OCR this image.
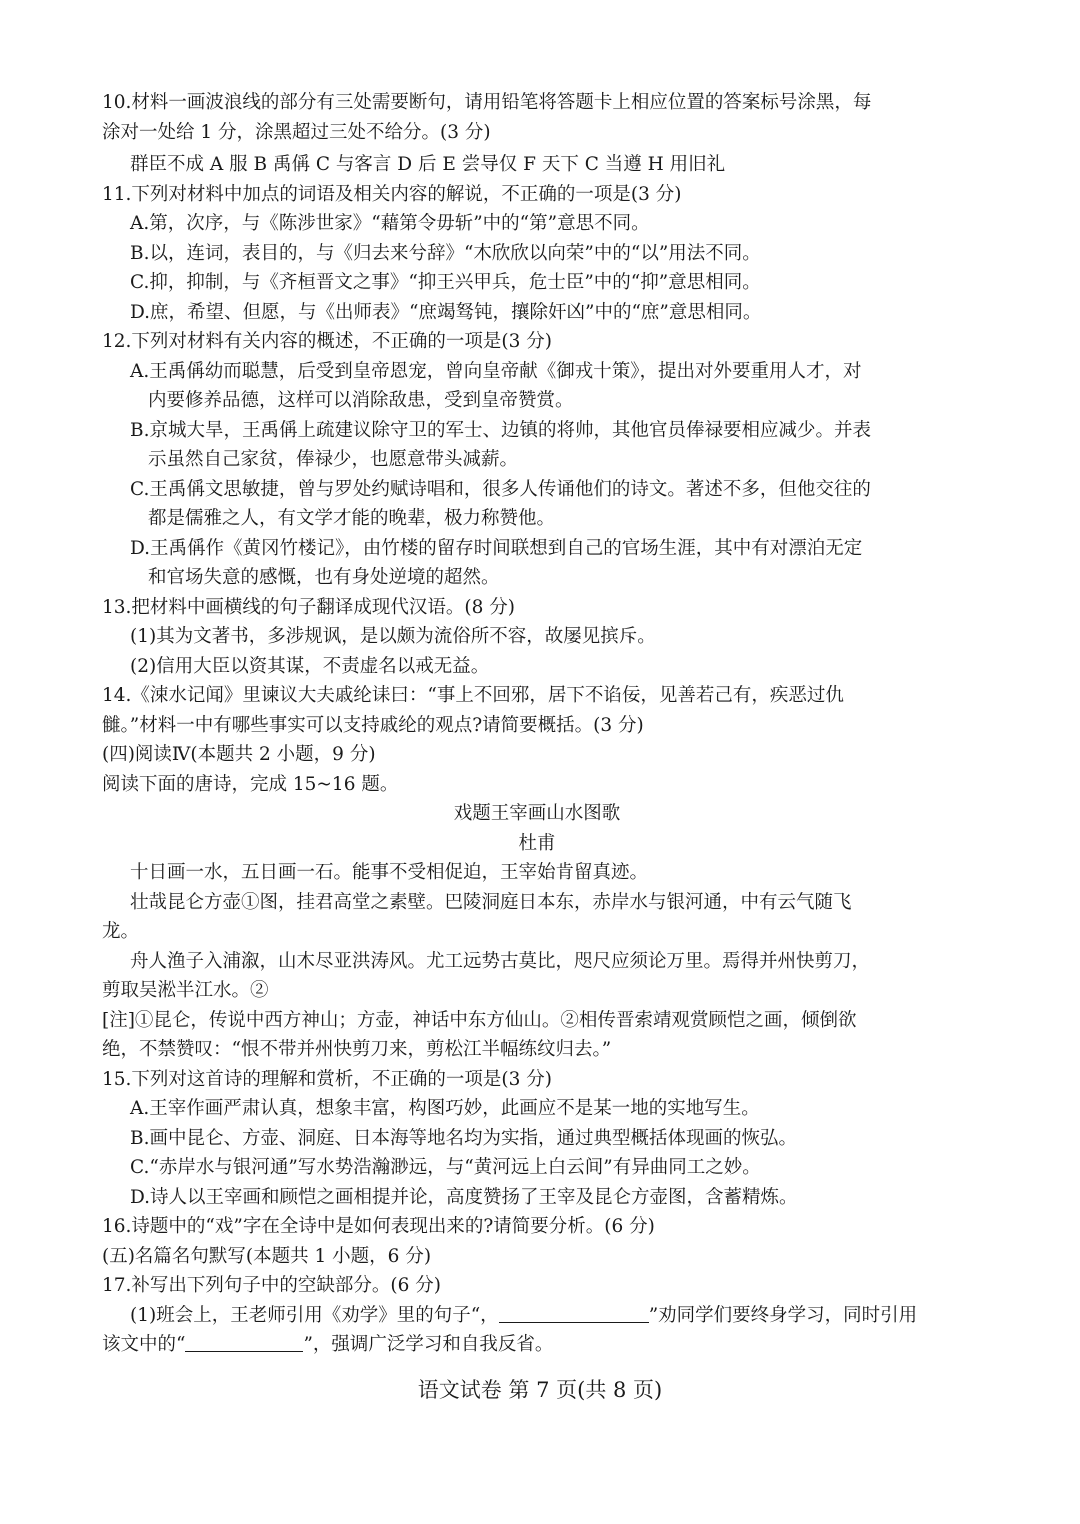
10.材料一画波浪线的部分有三处需要断句，请用铅笔将答题卡上相应位置的答案标号涂黑，每
涂对一处给 1 分，涂黑超过三处不给分。(3 分)
群臣不成 A 服 B 禹偁 C 与客言 D 后 E 尝导仅 F 天下 C 当遵 H 用旧礼
11.下列对材料中加点的词语及相关内容的解说，不正确的一项是(3 分)
A.第，次序，与《陈涉世家》“藉第令毋斩”中的“第”意思不同。
B.以，连词，表目的，与《归去来兮辞》“木欣欣以向荣”中的“以”用法不同。
C.抑，抑制，与《齐桓晋文之事》“抑王兴甲兵，危士臣”中的“抑”意思相同。
D.庶，希望、但愿，与《出师表》“庶竭驽钝，攘除奸凶”中的“庶”意思相同。
12.下列对材料有关内容的概述，不正确的一项是(3 分)
A.王禹偁幼而聪慧，后受到皇帝恩宠，曾向皇帝献《御戎十策》，提出对外要重用人才，对
内要修养品德，这样可以消除敌患，受到皇帝赞赏。
B.京城大旱，王禹偁上疏建议除守卫的军士、边镇的将帅，其他官员俸禄要相应减少。并表
示虽然自己家贫，俸禄少，也愿意带头减薪。
C.王禹偁文思敏捷，曾与罗处约赋诗唱和，很多人传诵他们的诗文。著述不多，但他交往的
都是儒雅之人，有文学才能的晚辈，极力称赞他。
D.王禹偁作《黄冈竹楼记》，由竹楼的留存时间联想到自己的官场生涯，其中有对漂泊无定
和官场失意的感慨，也有身处逆境的超然。
13.把材料中画横线的句子翻译成现代汉语。(8 分)
(1)其为文著书，多涉规讽，是以颇为流俗所不容，故屡见摈斥。
(2)信用大臣以资其谋，不责虚名以戒无益。
14.《涑水记闻》里谏议大夫戚纶诔曰：“事上不回邪，居下不谄佞，见善若己有，疾恶过仇
雠。”材料一中有哪些事实可以支持戚纶的观点?请简要概括。(3 分)
(四)阅读Ⅳ(本题共 2 小题，9 分)
阅读下面的唐诗，完成 15~16 题。
戏题王宰画山水图歌
杜甫
十日画一水，五日画一石。能事不受相促迫，王宰始肯留真迹。
壮哉昆仑方壶①图，挂君高堂之素壁。巴陵洞庭日本东，赤岸水与银河通，中有云气随飞
龙。
舟人渔子入浦溆，山木尽亚洪涛风。尤工远势古莫比，咫尺应须论万里。焉得并州快剪刀，
剪取吴淞半江水。②
[注]①昆仑，传说中西方神山；方壶，神话中东方仙山。②相传晋索靖观赏顾恺之画，倾倒欲
绝，不禁赞叹：“恨不带并州快剪刀来，剪松江半幅练纹归去。”
15.下列对这首诗的理解和赏析，不正确的一项是(3 分)
A.王宰作画严肃认真，想象丰富，构图巧妙，此画应不是某一地的实地写生。
B.画中昆仑、方壶、洞庭、日本海等地名均为实指，通过典型概括体现画的恢弘。
C.“赤岸水与银河通”写水势浩瀚渺远，与“黄河远上白云间”有异曲同工之妙。
D.诗人以王宰画和顾恺之画相提并论，高度赞扬了王宰及昆仑方壶图，含蓄精炼。
16.诗题中的“戏”字在全诗中是如何表现出来的?请简要分析。(6 分)
(五)名篇名句默写(本题共 1 小题，6 分)
17.补写出下列句子中的空缺部分。(6 分)
(1)班会上，王老师引用《劝学》里的句子“，	”劝同学们要终身学习，同时引用
该文中的“	”，强调广泛学习和自我反省。
语文试卷 第 7 页(共 8 页)
